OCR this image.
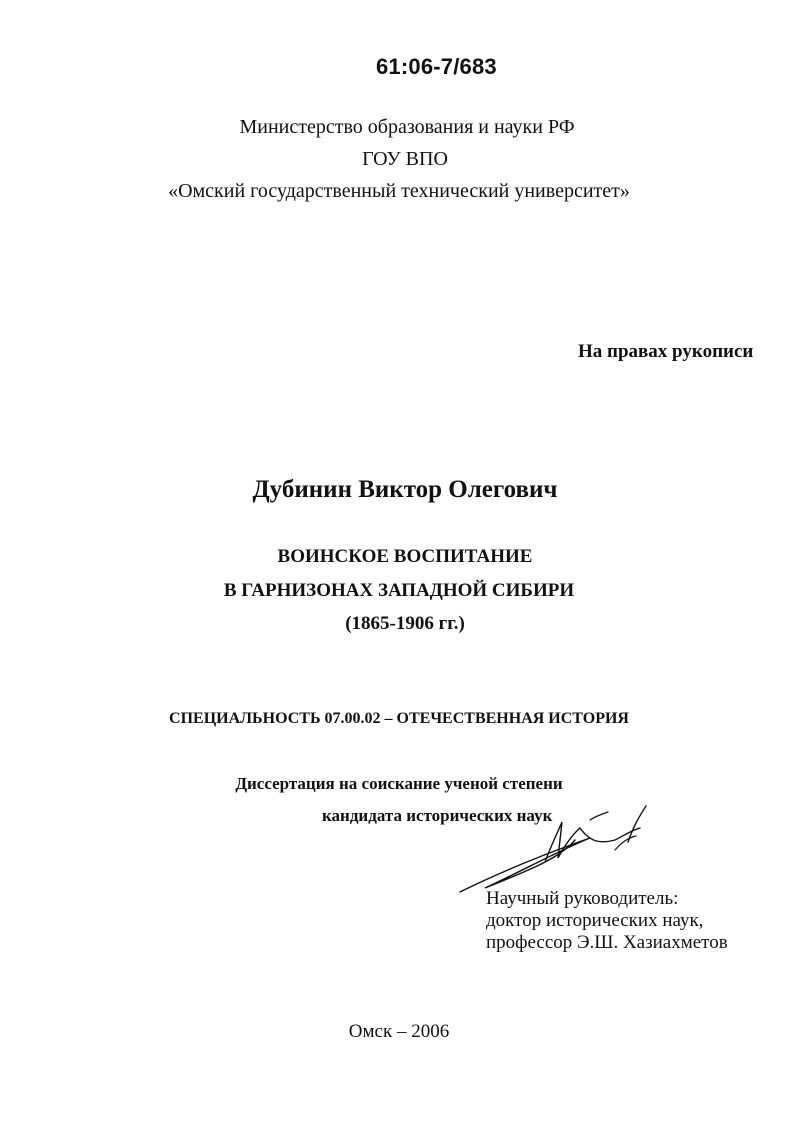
61:06-7/683
Министерство образования и науки РФ
ГОУ ВПО
«Омский государственный технический университет»
На правах рукописи
Дубинин Виктор Олегович
ВОИНСКОЕ ВОСПИТАНИЕ
В ГАРНИЗОНАХ ЗАПАДНОЙ СИБИРИ
(1865-1906 гг.)
СПЕЦИАЛЬНОСТЬ 07.00.02 – ОТЕЧЕСТВЕННАЯ ИСТОРИЯ
Диссертация на соискание ученой степени
кандидата исторических наук
Научный руководитель:
доктор исторических наук,
профессор Э.Ш. Хазиахметов
Омск – 2006
